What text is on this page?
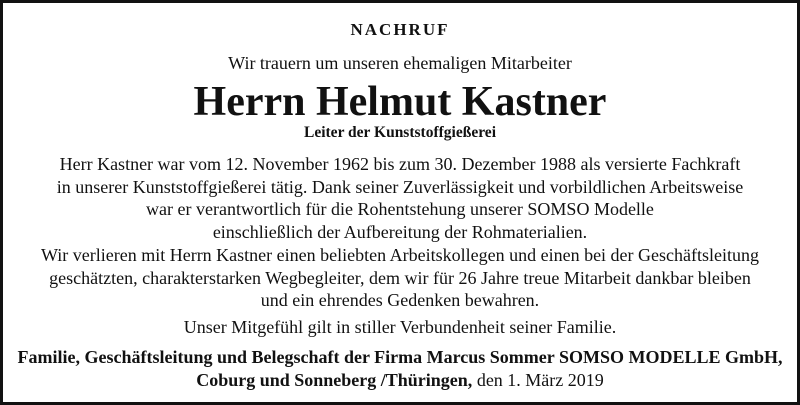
NACHRUF
Wir trauern um unseren ehemaligen Mitarbeiter
Herrn Helmut Kastner
Leiter der Kunststoffgießerei
Herr Kastner war vom 12. November 1962 bis zum 30. Dezember 1988 als versierte Fachkraft
in unserer Kunststoffgießerei tätig. Dank seiner Zuverlässigkeit und vorbildlichen Arbeitsweise
war er verantwortlich für die Rohentstehung unserer SOMSO Modelle
einschließlich der Aufbereitung der Rohmaterialien.
Wir verlieren mit Herrn Kastner einen beliebten Arbeitskollegen und einen bei der Geschäftsleitung
geschätzten, charakterstarken Wegbegleiter, dem wir für 26 Jahre treue Mitarbeit dankbar bleiben
und ein ehrendes Gedenken bewahren.
Unser Mitgefühl gilt in stiller Verbundenheit seiner Familie.
Familie, Geschäftsleitung und Belegschaft der Firma Marcus Sommer SOMSO MODELLE GmbH,
Coburg und Sonneberg /Thüringen, den 1. März 2019
